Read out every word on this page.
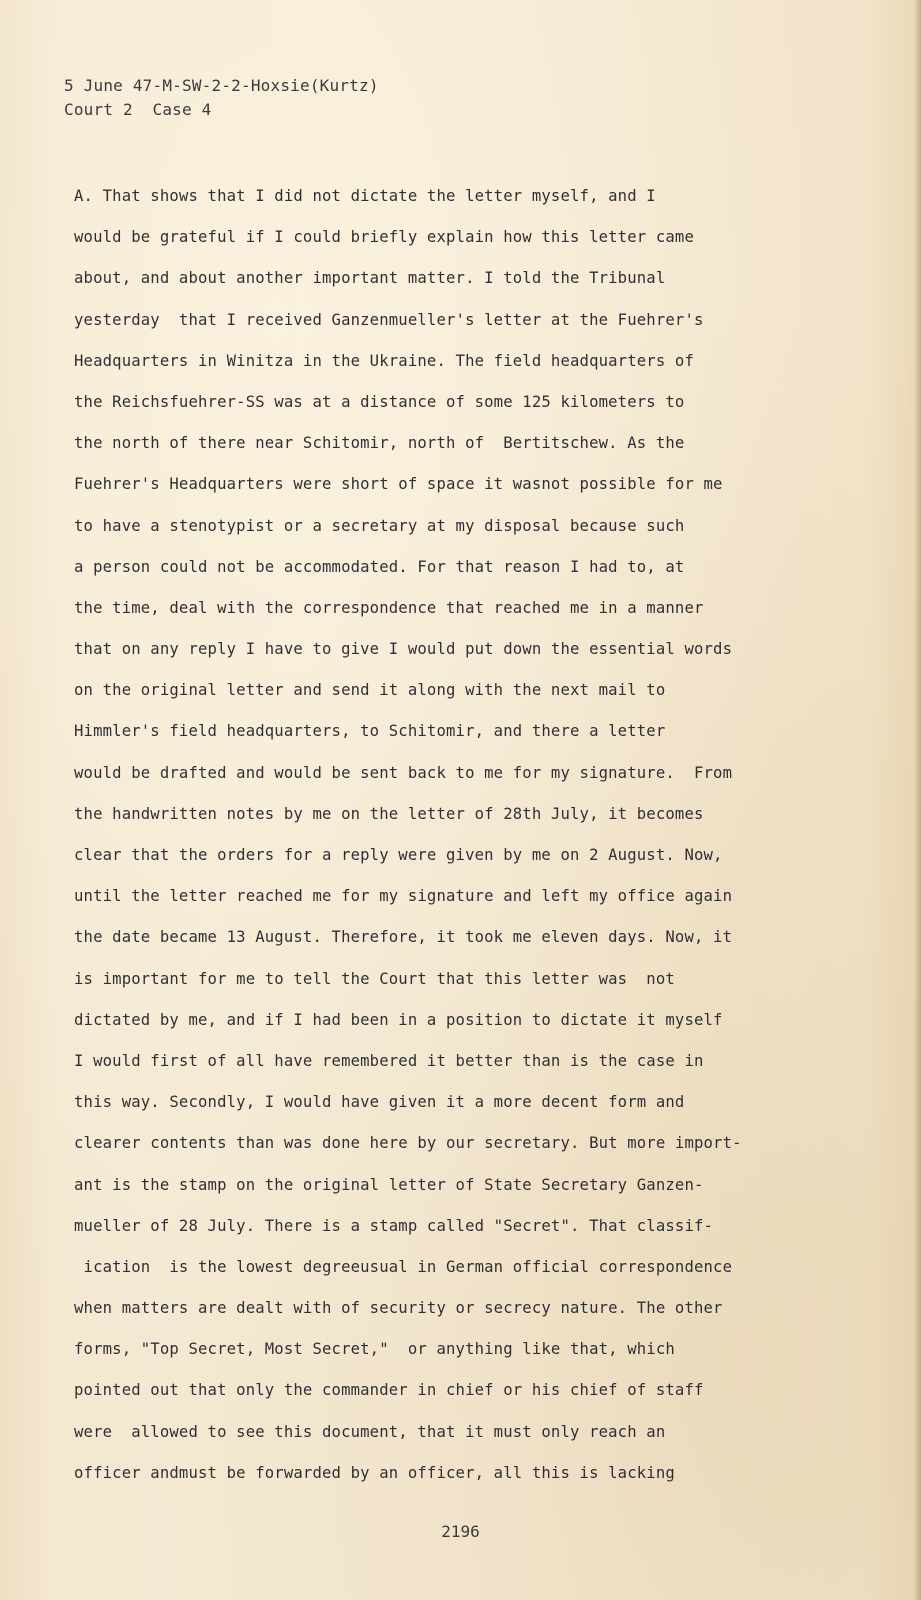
5 June 47-M-SW-2-2-Hoxsie(Kurtz)
Court 2  Case 4
A. That shows that I did not dictate the letter myself, and I
would be grateful if I could briefly explain how this letter came
about, and about another important matter. I told the Tribunal
yesterday  that I received Ganzenmueller's letter at the Fuehrer's
Headquarters in Winitza in the Ukraine. The field headquarters of
the Reichsfuehrer-SS was at a distance of some 125 kilometers to
the north of there near Schitomir, north of  Bertitschew. As the
Fuehrer's Headquarters were short of space it wasnot possible for me
to have a stenotypist or a secretary at my disposal because such
a person could not be accommodated. For that reason I had to, at
the time, deal with the correspondence that reached me in a manner
that on any reply I have to give I would put down the essential words
on the original letter and send it along with the next mail to
Himmler's field headquarters, to Schitomir, and there a letter
would be drafted and would be sent back to me for my signature.  From
the handwritten notes by me on the letter of 28th July, it becomes
clear that the orders for a reply were given by me on 2 August. Now,
until the letter reached me for my signature and left my office again
the date became 13 August. Therefore, it took me eleven days. Now, it
is important for me to tell the Court that this letter was  not
dictated by me, and if I had been in a position to dictate it myself
I would first of all have remembered it better than is the case in
this way. Secondly, I would have given it a more decent form and
clearer contents than was done here by our secretary. But more import-
ant is the stamp on the original letter of State Secretary Ganzen-
mueller of 28 July. There is a stamp called "Secret". That classif-
ication  is the lowest degreeusual in German official correspondence
when matters are dealt with of security or secrecy nature. The other
forms, "Top Secret, Most Secret,"  or anything like that, which
pointed out that only the commander in chief or his chief of staff
were  allowed to see this document, that it must only reach an
officer andmust be forwarded by an officer, all this is lacking
2196
